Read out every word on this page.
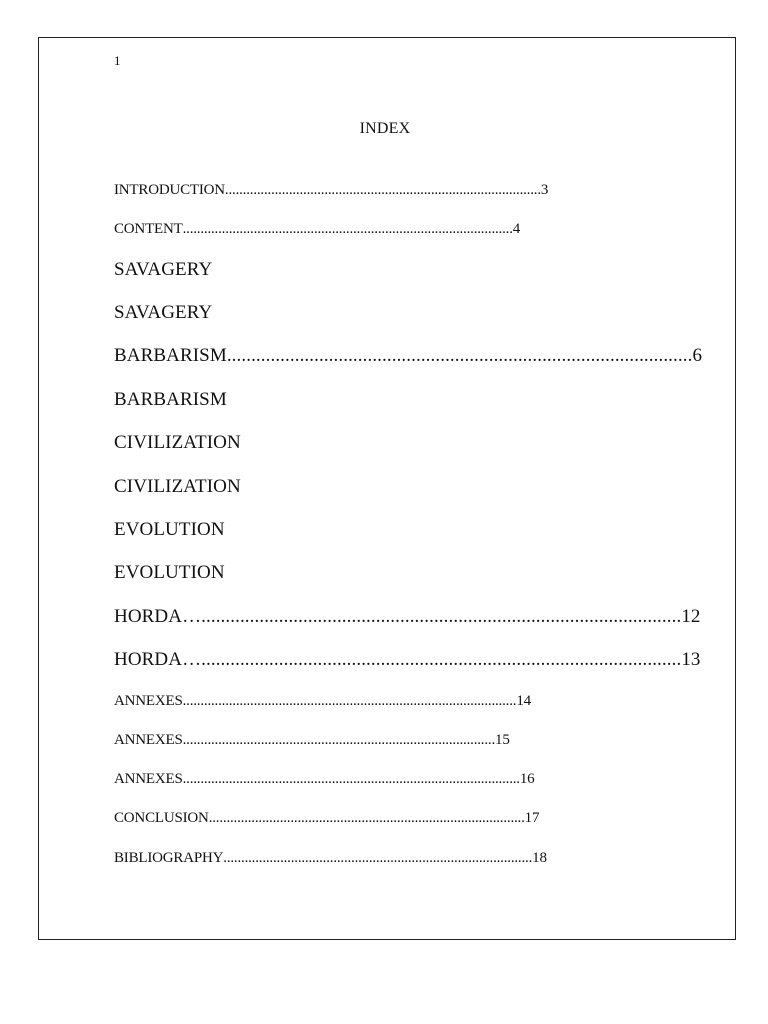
1
INDEX
INTRODUCTION.........................................................................................3
CONTENT.............................................................................................4
SAVAGERY
SAVAGERY
BARBARISM................................................................................................6
BARBARISM
CIVILIZATION
CIVILIZATION
EVOLUTION
EVOLUTION
HORDA…...................................................................................................12
HORDA…...................................................................................................13
ANNEXES..............................................................................................14
ANNEXES........................................................................................15
ANNEXES...............................................................................................16
CONCLUSION.........................................................................................17
BIBLIOGRAPHY.......................................................................................18
